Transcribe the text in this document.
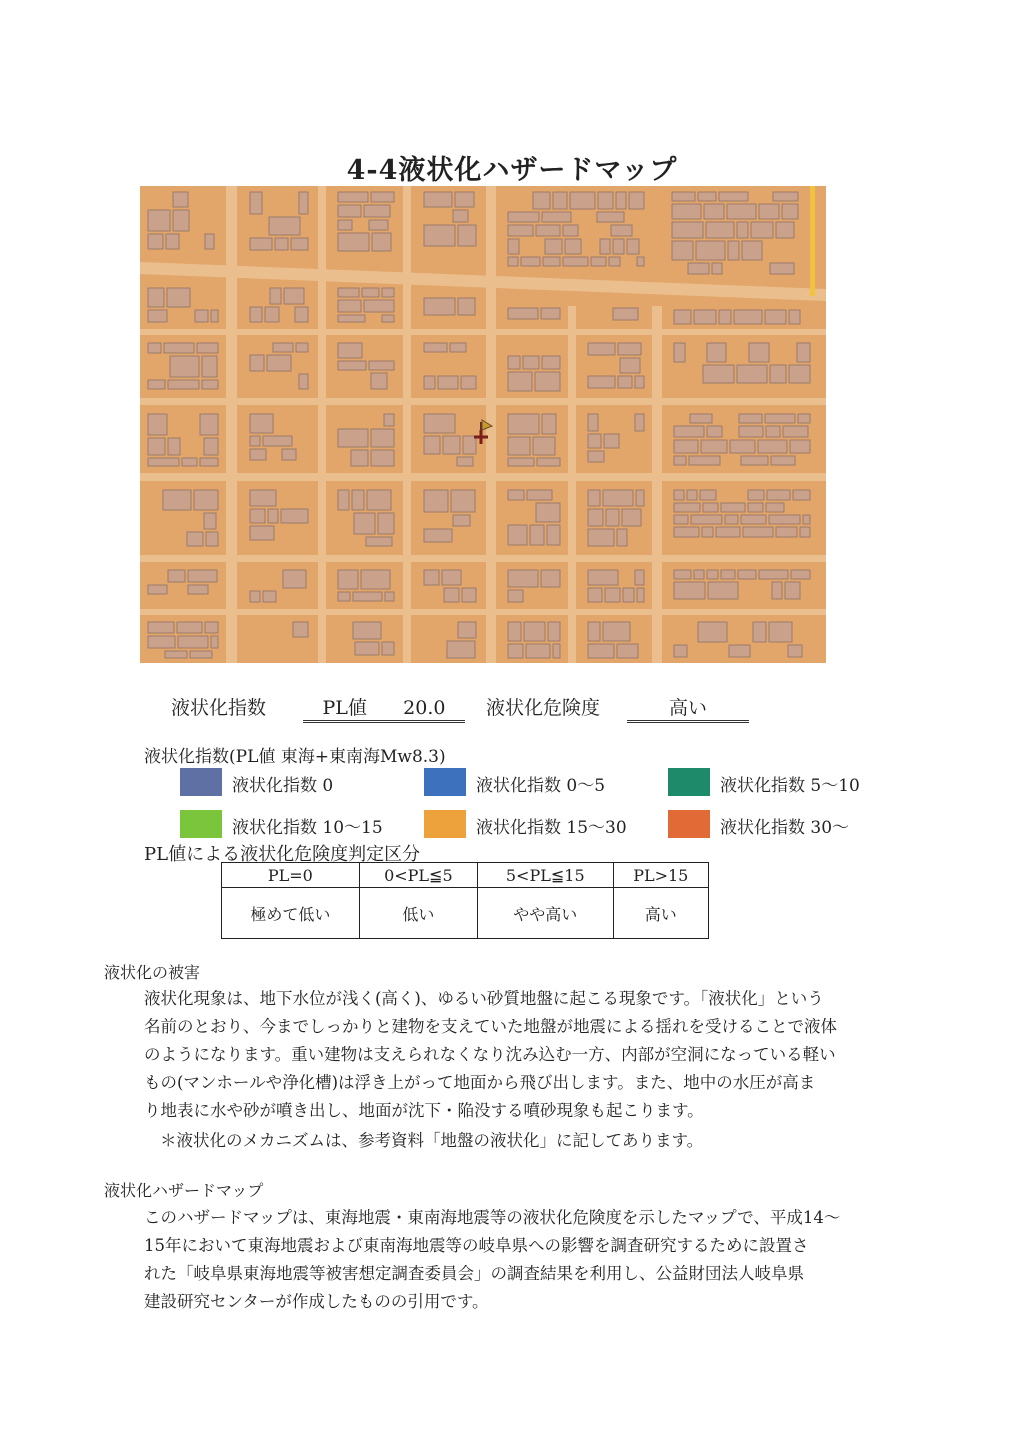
4-4液状化ハザードマップ
液状化指数	PL値 20.0	液状化危険度	高い
液状化指数(PL値 東海+東南海Mw8.3)
液状化指数 0	液状化指数 0〜5	液状化指数 5〜10
液状化指数 10〜15	液状化指数 15〜30	液状化指数 30〜
PL値による液状化危険度判定区分
PL=0	0<PL≦5	5<PL≦15	PL>15
極めて低い	低い	やや高い	高い
液状化の被害
液状化現象は、地下水位が浅く(高く)、ゆるい砂質地盤に起こる現象です。「液状化」という
名前のとおり、今までしっかりと建物を支えていた地盤が地震による揺れを受けることで液体
のようになります。重い建物は支えられなくなり沈み込む一方、内部が空洞になっている軽い
もの(マンホールや浄化槽)は浮き上がって地面から飛び出します。また、地中の水圧が高ま
り地表に水や砂が噴き出し、地面が沈下・陥没する噴砂現象も起こります。
＊液状化のメカニズムは、参考資料「地盤の液状化」に記してあります。
液状化ハザードマップ
このハザードマップは、東海地震・東南海地震等の液状化危険度を示したマップで、平成14〜
15年において東海地震および東南海地震等の岐阜県への影響を調査研究するために設置さ
れた「岐阜県東海地震等被害想定調査委員会」の調査結果を利用し、公益財団法人岐阜県
建設研究センターが作成したものの引用です。
